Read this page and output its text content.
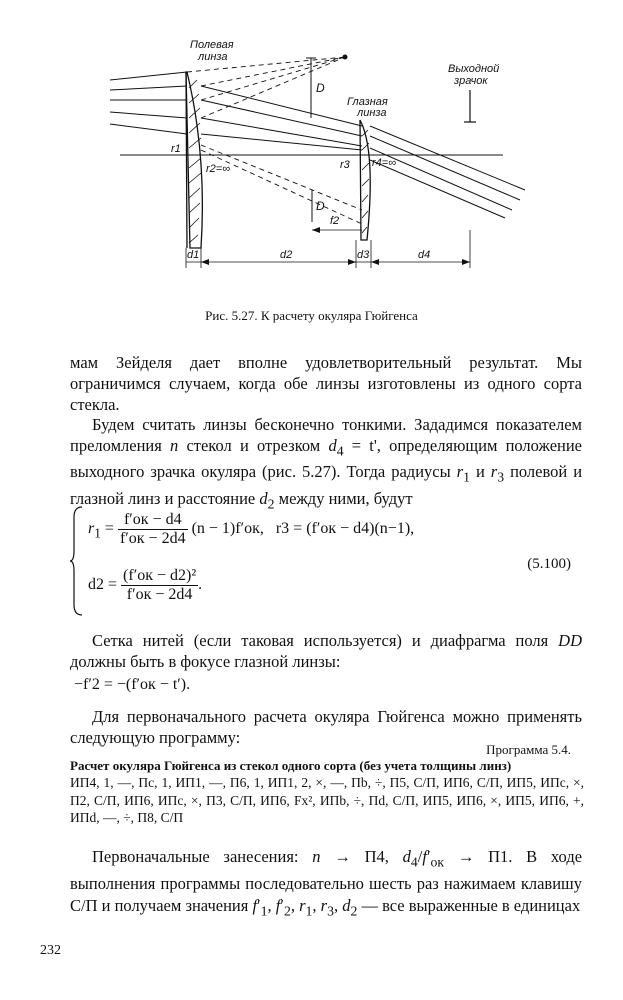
Полевая
линза
Глазная
линза
Выходной
зрачок
D
D
f2
r1
r2=∞	r3 r4=∞
d1	d2	d3	d4
Рис. 5.27. К расчету окуляра Гюйгенса
мам Зейделя дает вполне удовлетворительный результат. Мы ограничимся случаем, когда обе линзы изготовлены из одного сорта стекла.
Будем считать линзы бесконечно тонкими. Зададимся показателем преломления n стекол и отрезком $d_4 = t'$, определяющим положение выходного зрачка окуляра (рис. 5.27). Тогда радиусы $r_1$ и $r_3$ полевой и глазной линз и расстояние $d_2$ между ними, будут
$r_1 = \frac{f'ок - d4}{f'ок - 2d4} (n - 1)f'ок$, r3 = (f′ок − d4)(n−1),
$d2 = \frac{\text{(f′ок − d2)²}}{f'ок - 2d4}$ .
(5.100)
Сетка нитей (если таковая используется) и диафрагма поля DD должны быть в фокусе глазной линзы:
−f′2 = −(f′ок − t′).
Для первоначального расчета окуляра Гюйгенса можно применять следующую программу:
Программа 5.4.
Расчет окуляра Гюйгенса из стекол одного сорта (без учета толщины линз)
ИП4, 1, —, Пс, 1, ИП1, —, П6, 1, ИП1, 2, ×, —, Пb, ÷, П5, С/П, ИП6, С/П, ИП5, ИПс, ×, П2, С/П, ИП6, ИПс, ×, П3, С/П, ИП6, Fx², ИПb, ÷, Пd, С/П, ИП5, ИП6, ×, ИП5, ИП6, +, ИПd, —, ÷, П8, С/П
Первоначальные занесения: n → П4, $d_4/f'_{ок} \to П1$. В ходе выполнения программы последовательно шесть раз нажимаем клавишу С/П и получаем значения $f'_1$, $f'_2$, $r_1$, $r_3$, $d_2$ — все выраженные в единицах
232
